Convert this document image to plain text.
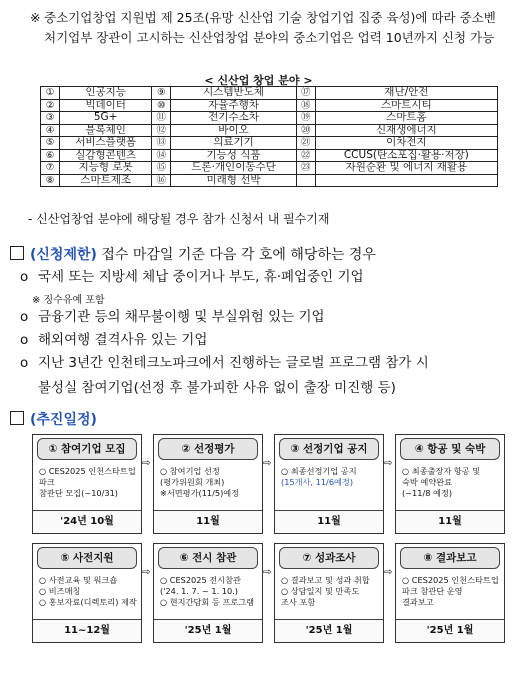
※ 중소기업창업 지원법 제 25조(유망 신산업 기술 창업기업 집중 육성)에 따라 중소벤처기업부 장관이 고시하는 신산업창업 분야의 중소기업은 업력 10년까지 신청 가능
< 신산업 창업 분야 >
①	인공지능	⑨	시스템반도체	⑰	재난/안전
②	빅데이터	⑩	자율주행차	⑱	스마트시티
③	5G+	⑪	전기수소차	⑲	스마트홈
④	블록체인	⑫	바이오	⑳	신재생에너지
⑤	서비스플랫폼	⑬	의료기기	㉑	이차전지
⑥	실감형콘텐츠	⑭	기능성 식품	㉒	CCUS(탄소포집·활용·저장)
⑦	지능형 로봇	⑮	드론·개인이동수단	㉓	자원순환 및 에너지 재활용
⑧	스마트제조	⑯	미래형 선박		
- 신산업창업 분야에 해당될 경우 참가 신청서 내 필수기재
(신청제한) 접수 마감일 기준 다음 각 호에 해당하는 경우
o 국세 또는 지방세 체납 중이거나 부도, 휴·폐업중인 기업
※ 징수유예 포함
o 금융기관 등의 채무불이행 및 부실위험 있는 기업
o 해외여행 결격사유 있는 기업
o 지난 3년간 인천테크노파크에서 진행하는 글로벌 프로그램 참가 시
불성실 참여기업(선정 후 불가피한 사유 없이 출장 미진행 등)
(추진일정)
① 참여기업 모집
○ CES2025 인천스타트업파크
참관단 모집(~10/31)
'24년 10월
⇨
② 선정평가
○ 참여기업 선정
(평가위원회 개최)
※서면평가(11/5)예정
11월
⇨
③ 선정기업 공지
○ 최종선정기업 공지
(15개사, 11/6예정)
11월
⇨
④ 항공 및 숙박
○ 최종출장자 항공 및
숙박 예약완료
(~11/8 예정)
11월
⑤ 사전지원
○ 사전교육 및 워크숍
○ 비즈매칭
○ 홍보자료(디렉토리) 제작
11~12월
⇨
⑥ 전시 참관
○ CES2025 전시참관
('24. 1. 7. ~ 1. 10.)
○ 현지간담회 등 프로그램
'25년 1월
⇨
⑦ 성과조사
○ 결과보고 및 성과 취합
○ 상담일지 및 만족도
조사 포함
'25년 1월
⇨
⑧ 결과보고
○ CES2025 인천스타트업
파크 참관단 운영
결과보고
'25년 1월
